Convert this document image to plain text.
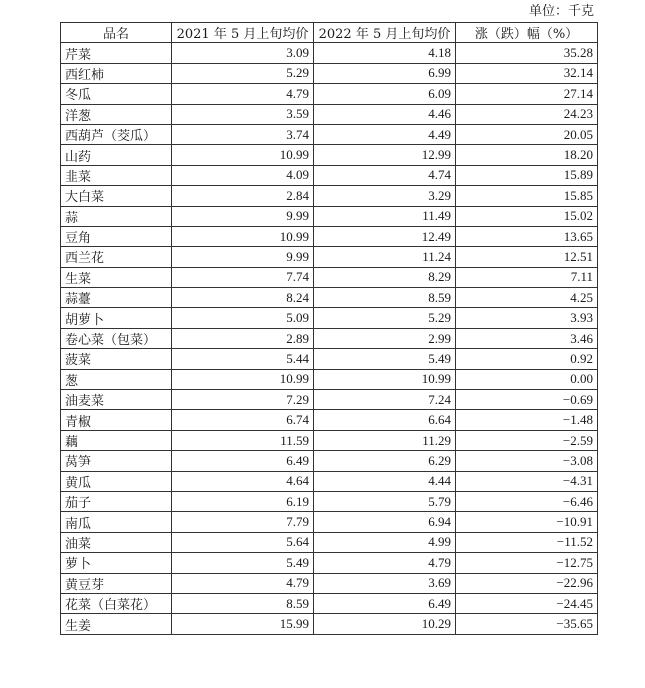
单位：千克
品名	2021 年 5 月上旬均价	2022 年 5 月上旬均价	涨（跌）幅（%）
芹菜	3.09	4.18	35.28
西红柿	5.29	6.99	32.14
冬瓜	4.79	6.09	27.14
洋葱	3.59	4.46	24.23
西葫芦（茭瓜）	3.74	4.49	20.05
山药	10.99	12.99	18.20
韭菜	4.09	4.74	15.89
大白菜	2.84	3.29	15.85
蒜	9.99	11.49	15.02
豆角	10.99	12.49	13.65
西兰花	9.99	11.24	12.51
生菜	7.74	8.29	7.11
蒜薹	8.24	8.59	4.25
胡萝卜	5.09	5.29	3.93
卷心菜（包菜）	2.89	2.99	3.46
菠菜	5.44	5.49	0.92
葱	10.99	10.99	0.00
油麦菜	7.29	7.24	−0.69
青椒	6.74	6.64	−1.48
藕	11.59	11.29	−2.59
莴笋	6.49	6.29	−3.08
黄瓜	4.64	4.44	−4.31
茄子	6.19	5.79	−6.46
南瓜	7.79	6.94	−10.91
油菜	5.64	4.99	−11.52
萝卜	5.49	4.79	−12.75
黄豆芽	4.79	3.69	−22.96
花菜（白菜花）	8.59	6.49	−24.45
生姜	15.99	10.29	−35.65
